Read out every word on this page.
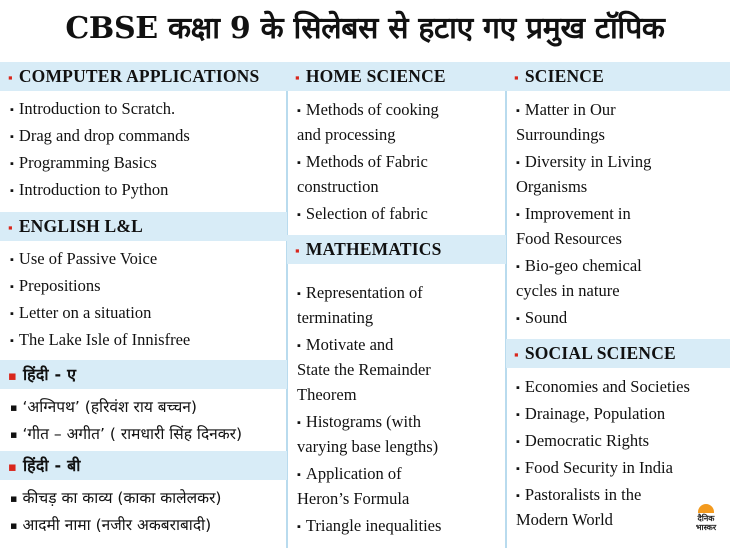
CBSE कक्षा 9 के सिलेबस से हटाए गए प्रमुख टॉपिक
▪ COMPUTER APPLICATIONS
▪ Introduction to Scratch.
▪ Drag and drop commands
▪ Programming Basics
▪ Introduction to Python
▪ ENGLISH L&L
▪ Use of Passive Voice
▪ Prepositions
▪ Letter on a situation
▪ The Lake Isle of Innisfree
▪ हिंदी - ए
▪ ‘अग्निपथ’ (हरिवंश राय बच्चन)
▪ ‘गीत – अगीत’ ( रामधारी सिंह दिनकर)
▪ हिंदी - बी
▪ कीचड़ का काव्य (काका कालेलकर)
▪ आदमी नामा (नजीर अकबराबादी)
▪ HOME SCIENCE
▪ Methods of cooking
and processing
▪ Methods of Fabric
construction
▪ Selection of fabric
▪ MATHEMATICS
▪ Representation of
terminating
▪ Motivate and
State the Remainder
Theorem
▪ Histograms (with
varying base lengths)
▪ Application of
Heron’s Formula
▪ Triangle inequalities
▪ SCIENCE
▪ Matter in Our
Surroundings
▪ Diversity in Living
Organisms
▪ Improvement in
Food Resources
▪ Bio-geo chemical
cycles in nature
▪ Sound
▪ SOCIAL SCIENCE
▪ Economies and Societies
▪ Drainage, Population
▪ Democratic Rights
▪ Food Security in India
▪ Pastoralists in the
Modern World	दैनिक
भास्कर
